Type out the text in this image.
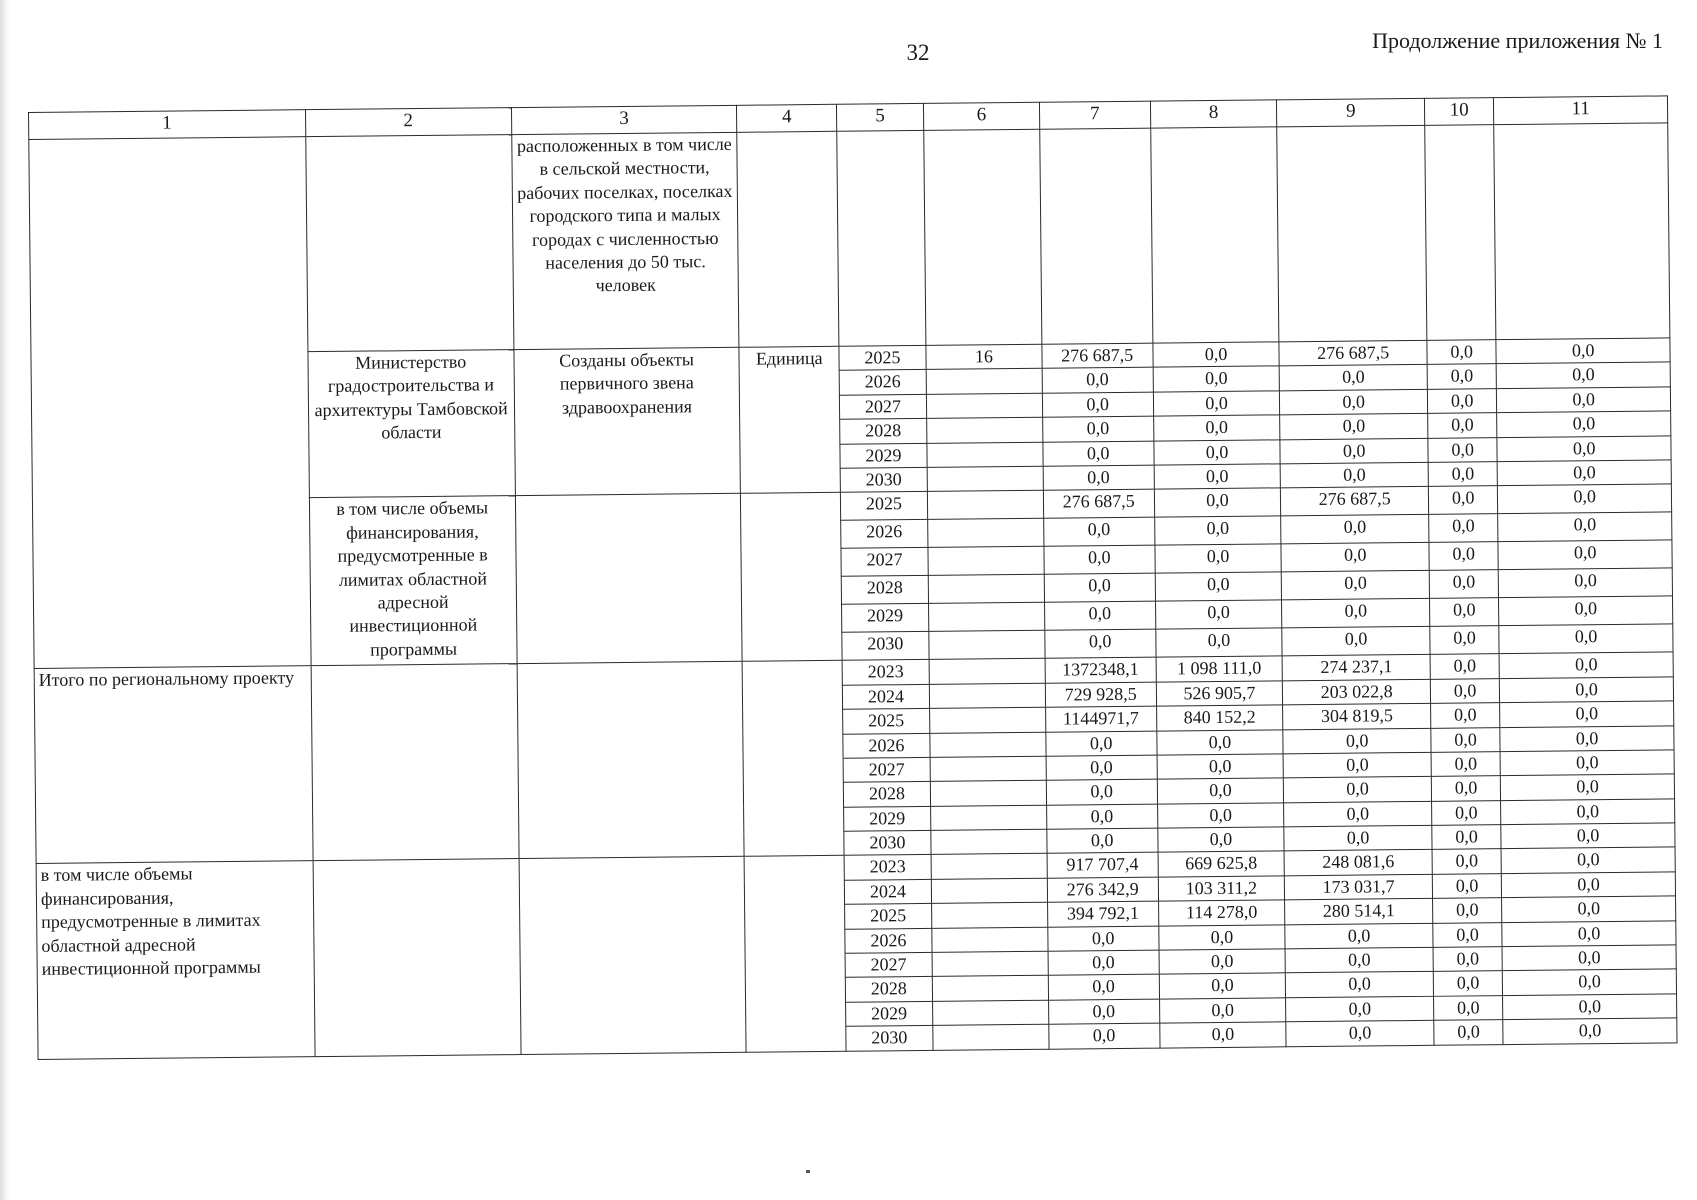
32	Продолжение приложения № 1
1	2	3	4	5	6	7	8	9	10	11
		расположенных в том числе в сельской местности, рабочих поселках, поселках городского типа и малых городах с численностью населения до 50 тыс. человек								
	Министерство градостроительства и архитектуры Тамбовской области	Созданы объекты первичного звена здравоохранения	Единица	2025	16	276 687,5	0,0	276 687,5	0,0	0,0
				2026		0,0	0,0	0,0	0,0	0,0
				2027		0,0	0,0	0,0	0,0	0,0
				2028		0,0	0,0	0,0	0,0	0,0
				2029		0,0	0,0	0,0	0,0	0,0
				2030		0,0	0,0	0,0	0,0	0,0
	в том числе объемы финансирования, предусмотренные в лимитах областной адресной инвестиционной программы			2025		276 687,5	0,0	276 687,5	0,0	0,0
				2026		0,0	0,0	0,0	0,0	0,0
				2027		0,0	0,0	0,0	0,0	0,0
				2028		0,0	0,0	0,0	0,0	0,0
				2029		0,0	0,0	0,0	0,0	0,0
				2030		0,0	0,0	0,0	0,0	0,0
Итого по региональному проекту				2023		1372348,1	1 098 111,0	274 237,1	0,0	0,0
				2024		729 928,5	526 905,7	203 022,8	0,0	0,0
				2025		1144971,7	840 152,2	304 819,5	0,0	0,0
				2026		0,0	0,0	0,0	0,0	0,0
				2027		0,0	0,0	0,0	0,0	0,0
				2028		0,0	0,0	0,0	0,0	0,0
				2029		0,0	0,0	0,0	0,0	0,0
				2030		0,0	0,0	0,0	0,0	0,0
в том числе объемы финансирования, предусмотренные в лимитах областной адресной инвестиционной программы				2023		917 707,4	669 625,8	248 081,6	0,0	0,0
				2024		276 342,9	103 311,2	173 031,7	0,0	0,0
				2025		394 792,1	114 278,0	280 514,1	0,0	0,0
				2026		0,0	0,0	0,0	0,0	0,0
				2027		0,0	0,0	0,0	0,0	0,0
				2028		0,0	0,0	0,0	0,0	0,0
				2029		0,0	0,0	0,0	0,0	0,0
				2030		0,0	0,0	0,0	0,0	0,0
